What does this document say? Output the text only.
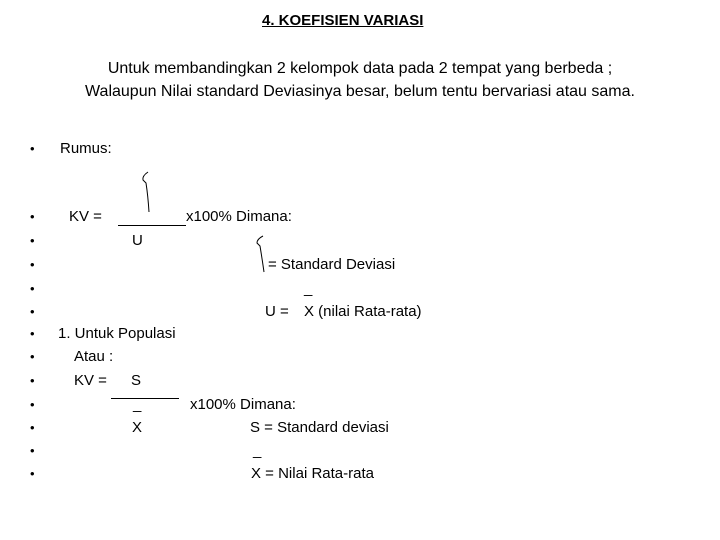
4. KOEFISIEN VARIASI
Untuk membandingkan 2 kelompok data pada 2 tempat yang berbeda ;
Walaupun Nilai standard Deviasinya besar, belum tentu bervariasi atau sama.
•
•
•
•
•
•
•
•
•
•
•
•
•
Rumus:
KV =	x100% Dimana:
U
= Standard Deviasi
_
U = X (nilai Rata-rata)
1. Untuk Populasi
Atau :
KV = S
_	x100% Dimana:
X	S = Standard deviasi
_
X = Nilai Rata-rata
